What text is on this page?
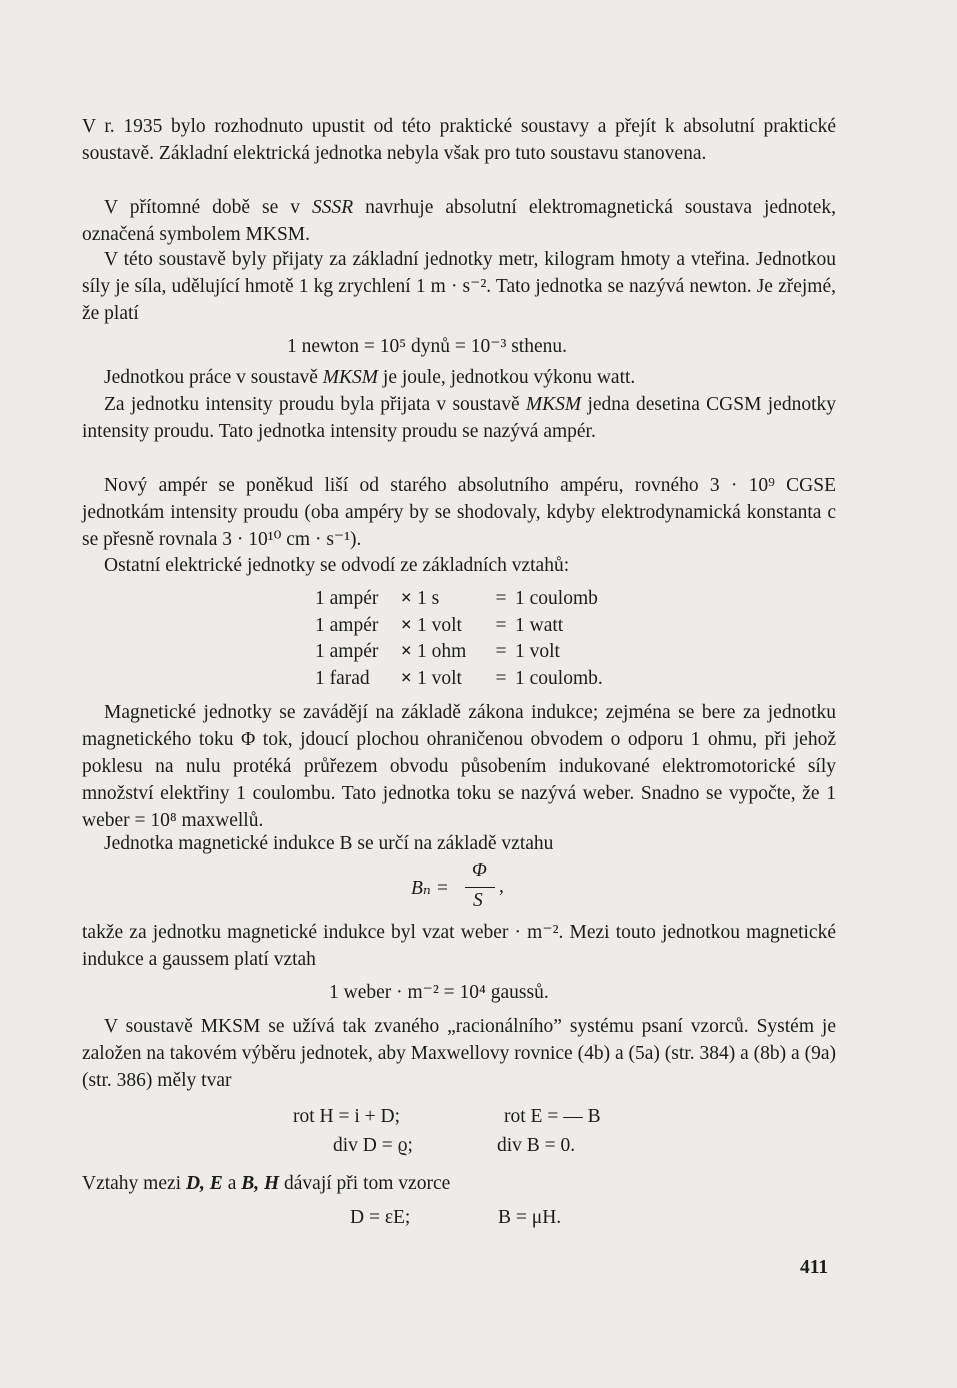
V r. 1935 bylo rozhodnuto upustit od této praktické soustavy a přejít k absolutní praktické soustavě. Základní elektrická jednotka nebyla však pro tuto soustavu stanovena.

V přítomné době se v SSSR navrhuje absolutní elektromagnetická soustava jednotek, označená symbolem MKSM.

V této soustavě byly přijaty za základní jednotky metr, kilogram hmoty a vteřina. Jednotkou síly je síla, udělující hmotě 1 kg zrychlení 1 m · s⁻². Tato jednotka se nazývá newton. Je zřejmé, že platí

1 newton = 10⁵ dynů = 10⁻³ sthenu.

Jednotkou práce v soustavě MKSM je joule, jednotkou výkonu watt.

Za jednotku intensity proudu byla přijata v soustavě MKSM jedna desetina CGSM jednotky intensity proudu. Tato jednotka intensity proudu se nazývá ampér.

Nový ampér se poněkud liší od starého absolutního ampéru, rovného 3 · 10⁹ CGSE jednotkám intensity proudu (oba ampéry by se shodovaly, kdyby elektrodynamická konstanta c se přesně rovnala 3 · 10¹⁰ cm · s⁻¹).

Ostatní elektrické jednotky se odvodí ze základních vztahů:

1 ampér	×	1 s	=	1 coulomb
1 ampér	×	1 volt	=	1 watt
1 ampér	×	1 ohm	=	1 volt
1 farad	×	1 volt	=	1 coulomb.

Magnetické jednotky se zavádějí na základě zákona indukce; zejména se bere za jednotku magnetického toku Φ tok, jdoucí plochou ohraničenou obvodem o odporu 1 ohmu, při jehož poklesu na nulu protéká průřezem obvodu působením indukované elektromotorické síly množství elektřiny 1 coulombu. Tato jednotka toku se nazývá weber. Snadno se vypočte, že 1 weber = 10⁸ maxwellů.

Jednotka magnetické indukce B se určí na základě vztahu

Bₙ =
Φ
S
,

takže za jednotku magnetické indukce byl vzat weber · m⁻². Mezi touto jednotkou magnetické indukce a gaussem platí vztah

1 weber · m⁻² = 10⁴ gaussů.

V soustavě MKSM se užívá tak zvaného „racionálního” systému psaní vzorců. Systém je založen na takovém výběru jednotek, aby Maxwellovy rovnice (4b) a (5a) (str. 384) a (8b) a (9a) (str. 386) měly tvar

rot H = i + D;	rot E = — B
div D = ϱ;	div B = 0.

Vztahy mezi D, E a B, H dávají při tom vzorce

D = εE;	B = μH.
411
